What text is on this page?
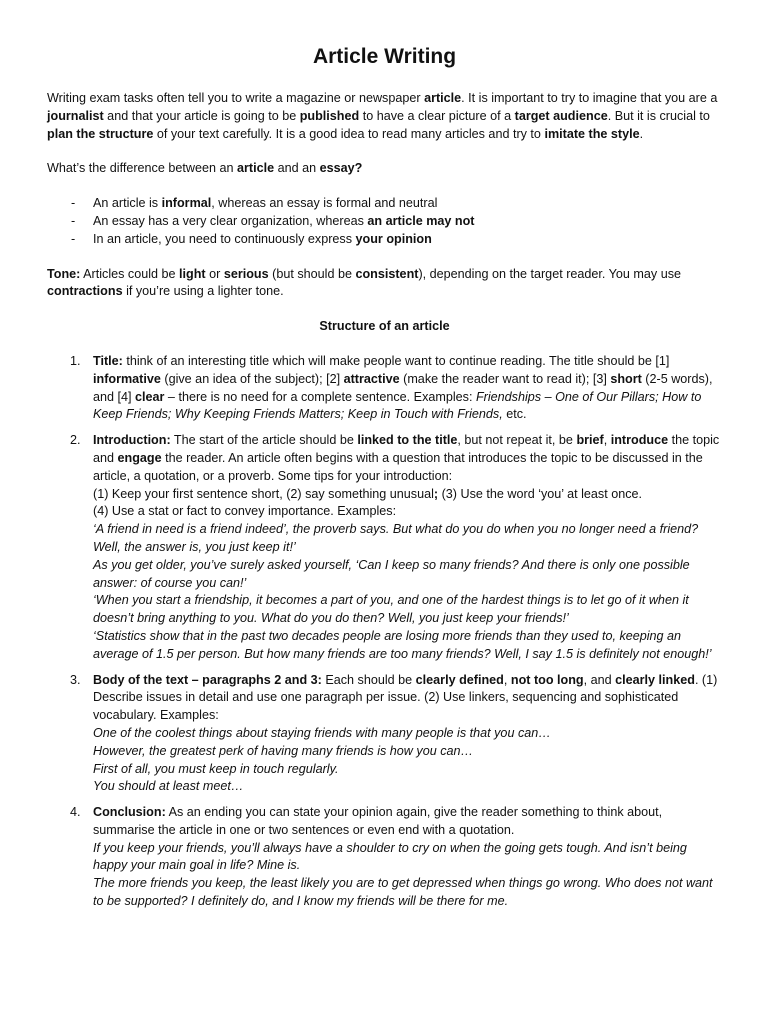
Article Writing

Writing exam tasks often tell you to write a magazine or newspaper article. It is important to try to imagine that you are a journalist and that your article is going to be published to have a clear picture of a target audience. But it is crucial to plan the structure of your text carefully. It is a good idea to read many articles and try to imitate the style.

What’s the difference between an article and an essay?

- An article is informal, whereas an essay is formal and neutral
- An essay has a very clear organization, whereas an article may not
- In an article, you need to continuously express your opinion

Tone: Articles could be light or serious (but should be consistent), depending on the target reader. You may use contractions if you’re using a lighter tone.

Structure of an article

1. Title: think of an interesting title which will make people want to continue reading. The title should be [1] informative (give an idea of the subject); [2] attractive (make the reader want to read it); [3] short (2-5 words), and [4] clear – there is no need for a complete sentence. Examples: Friendships – One of Our Pillars; How to Keep Friends; Why Keeping Friends Matters; Keep in Touch with Friends, etc.
2. Introduction: The start of the article should be linked to the title, but not repeat it, be brief, introduce the topic and engage the reader. An article often begins with a question that introduces the topic to be discussed in the article, a quotation, or a proverb. Some tips for your introduction:
(1) Keep your first sentence short, (2) say something unusual; (3) Use the word ‘you’ at least once.
(4) Use a stat or fact to convey importance. Examples:
‘A friend in need is a friend indeed’, the proverb says. But what do you do when you no longer need a friend? Well, the answer is, you just keep it!’
As you get older, you’ve surely asked yourself, ‘Can I keep so many friends? And there is only one possible answer: of course you can!’
‘When you start a friendship, it becomes a part of you, and one of the hardest things is to let go of it when it doesn’t bring anything to you. What do you do then? Well, you just keep your friends!’
‘Statistics show that in the past two decades people are losing more friends than they used to, keeping an average of 1.5 per person. But how many friends are too many friends? Well, I say 1.5 is definitely not enough!’
3. Body of the text – paragraphs 2 and 3: Each should be clearly defined, not too long, and clearly linked. (1) Describe issues in detail and use one paragraph per issue. (2) Use linkers, sequencing and sophisticated vocabulary. Examples:
One of the coolest things about staying friends with many people is that you can…
However, the greatest perk of having many friends is how you can…
First of all, you must keep in touch regularly.
You should at least meet…
4. Conclusion: As an ending you can state your opinion again, give the reader something to think about, summarise the article in one or two sentences or even end with a quotation.
If you keep your friends, you’ll always have a shoulder to cry on when the going gets tough. And isn’t being happy your main goal in life? Mine is.
The more friends you keep, the least likely you are to get depressed when things go wrong. Who does not want to be supported? I definitely do, and I know my friends will be there for me.
